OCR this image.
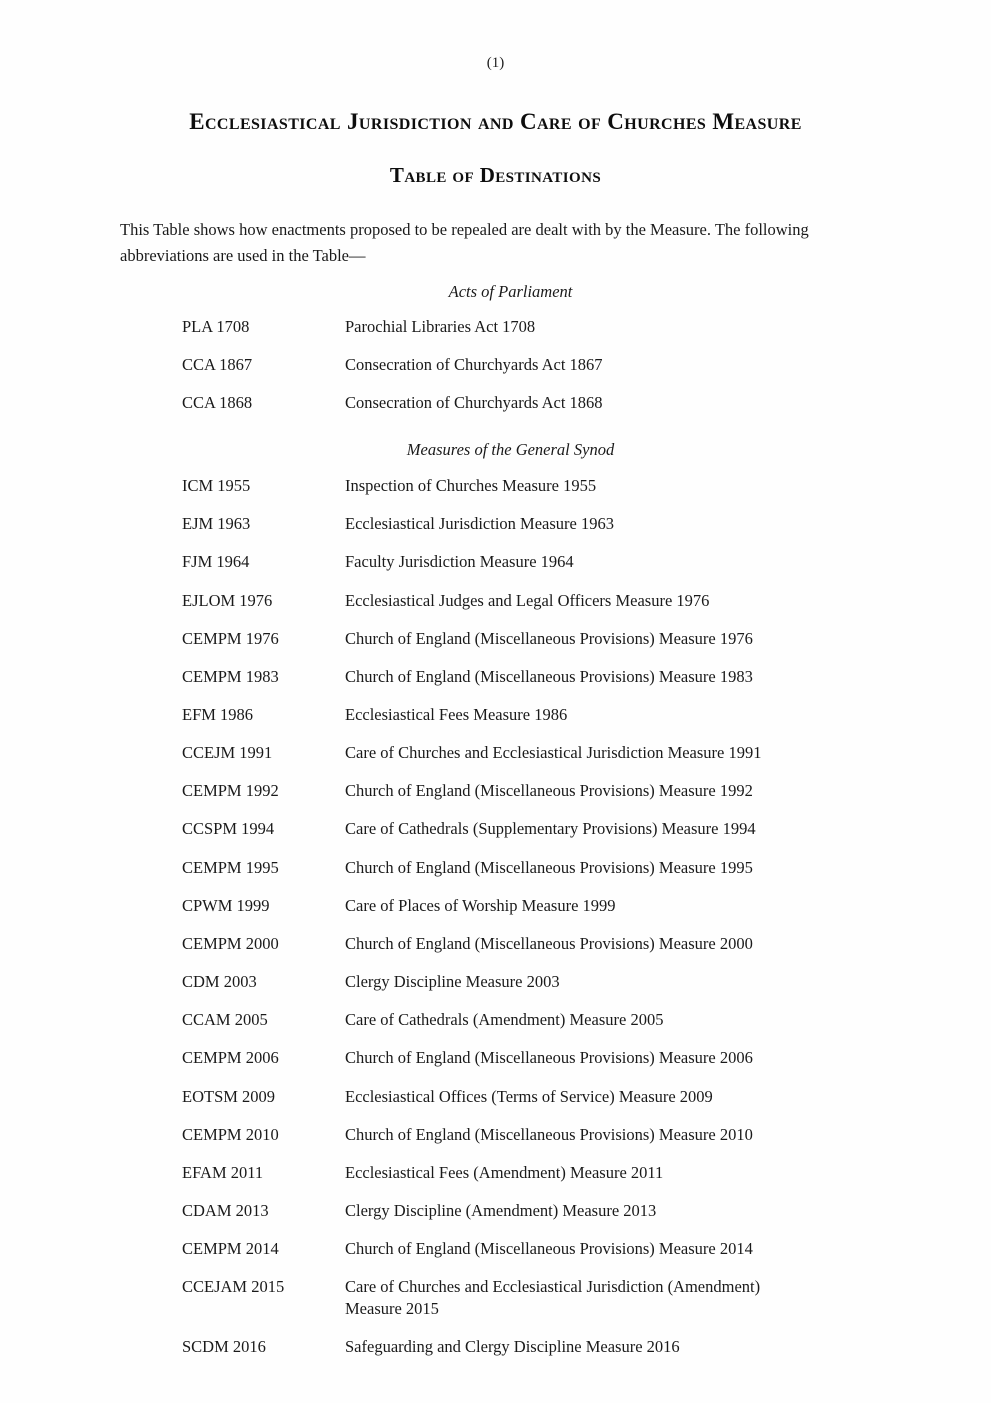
(1)
Ecclesiastical Jurisdiction and Care of Churches Measure
Table of Destinations

This Table shows how enactments proposed to be repealed are dealt with by the Measure. The following abbreviations are used in the Table—

Acts of Parliament
PLA 1708	Parochial Libraries Act 1708
CCA 1867	Consecration of Churchyards Act 1867
CCA 1868	Consecration of Churchyards Act 1868
Measures of the General Synod
ICM 1955	Inspection of Churches Measure 1955
EJM 1963	Ecclesiastical Jurisdiction Measure 1963
FJM 1964	Faculty Jurisdiction Measure 1964
EJLOM 1976	Ecclesiastical Judges and Legal Officers Measure 1976
CEMPM 1976	Church of England (Miscellaneous Provisions) Measure 1976
CEMPM 1983	Church of England (Miscellaneous Provisions) Measure 1983
EFM 1986	Ecclesiastical Fees Measure 1986
CCEJM 1991	Care of Churches and Ecclesiastical Jurisdiction Measure 1991
CEMPM 1992	Church of England (Miscellaneous Provisions) Measure 1992
CCSPM 1994	Care of Cathedrals (Supplementary Provisions) Measure 1994
CEMPM 1995	Church of England (Miscellaneous Provisions) Measure 1995
CPWM 1999	Care of Places of Worship Measure 1999
CEMPM 2000	Church of England (Miscellaneous Provisions) Measure 2000
CDM 2003	Clergy Discipline Measure 2003
CCAM 2005	Care of Cathedrals (Amendment) Measure 2005
CEMPM 2006	Church of England (Miscellaneous Provisions) Measure 2006
EOTSM 2009	Ecclesiastical Offices (Terms of Service) Measure 2009
CEMPM 2010	Church of England (Miscellaneous Provisions) Measure 2010
EFAM 2011	Ecclesiastical Fees (Amendment) Measure 2011
CDAM 2013	Clergy Discipline (Amendment) Measure 2013
CEMPM 2014	Church of England (Miscellaneous Provisions) Measure 2014
CCEJAM 2015	Care of Churches and Ecclesiastical Jurisdiction (Amendment) Measure 2015
SCDM 2016	Safeguarding and Clergy Discipline Measure 2016
